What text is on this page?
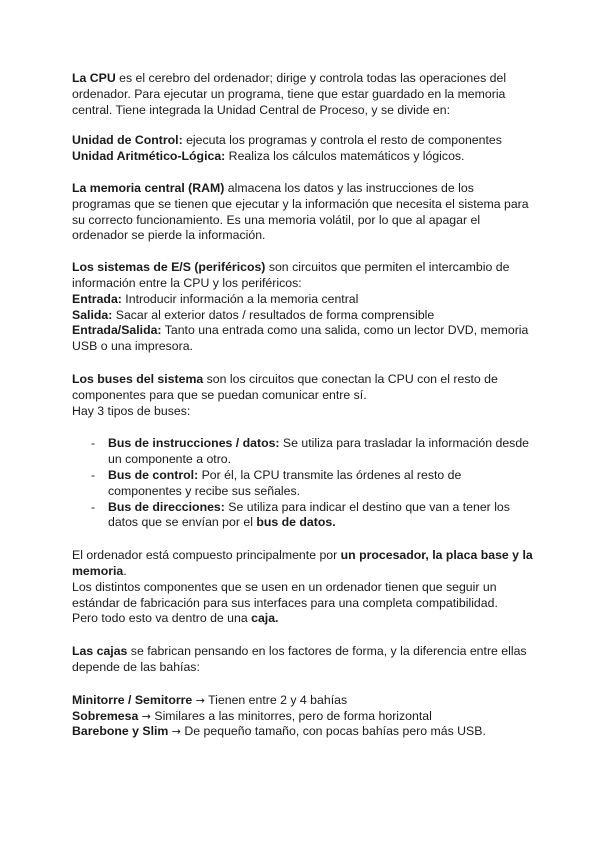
La CPU es el cerebro del ordenador; dirige y controla todas las operaciones del ordenador. Para ejecutar un programa, tiene que estar guardado en la memoria central. Tiene integrada la Unidad Central de Proceso, y se divide en:

Unidad de Control: ejecuta los programas y controla el resto de componentes

Unidad Aritmético-Lógica: Realiza los cálculos matemáticos y lógicos.

La memoria central (RAM) almacena los datos y las instrucciones de los programas que se tienen que ejecutar y la información que necesita el sistema para su correcto funcionamiento. Es una memoria volátil, por lo que al apagar el ordenador se pierde la información.

Los sistemas de E/S (periféricos) son circuitos que permiten el intercambio de información entre la CPU y los periféricos:

Entrada: Introducir información a la memoria central

Salida: Sacar al exterior datos / resultados de forma comprensible

Entrada/Salida: Tanto una entrada como una salida, como un lector DVD, memoria USB o una impresora.

Los buses del sistema son los circuitos que conectan la CPU con el resto de componentes para que se puedan comunicar entre sí.

Hay 3 tipos de buses:

- Bus de instrucciones / datos: Se utiliza para trasladar la información desde un componente a otro.
- Bus de control: Por él, la CPU transmite las órdenes al resto de componentes y recibe sus señales.
- Bus de direcciones: Se utiliza para indicar el destino que van a tener los datos que se envían por el bus de datos.

El ordenador está compuesto principalmente por un procesador, la placa base y la memoria.

Los distintos componentes que se usen en un ordenador tienen que seguir un estándar de fabricación para sus interfaces para una completa compatibilidad.

Pero todo esto va dentro de una caja.

Las cajas se fabrican pensando en los factores de forma, y la diferencia entre ellas depende de las bahías:

Minitorre / Semitorre → Tienen entre 2 y 4 bahías

Sobremesa → Similares a las minitorres, pero de forma horizontal

Barebone y Slim → De pequeño tamaño, con pocas bahías pero más USB.
